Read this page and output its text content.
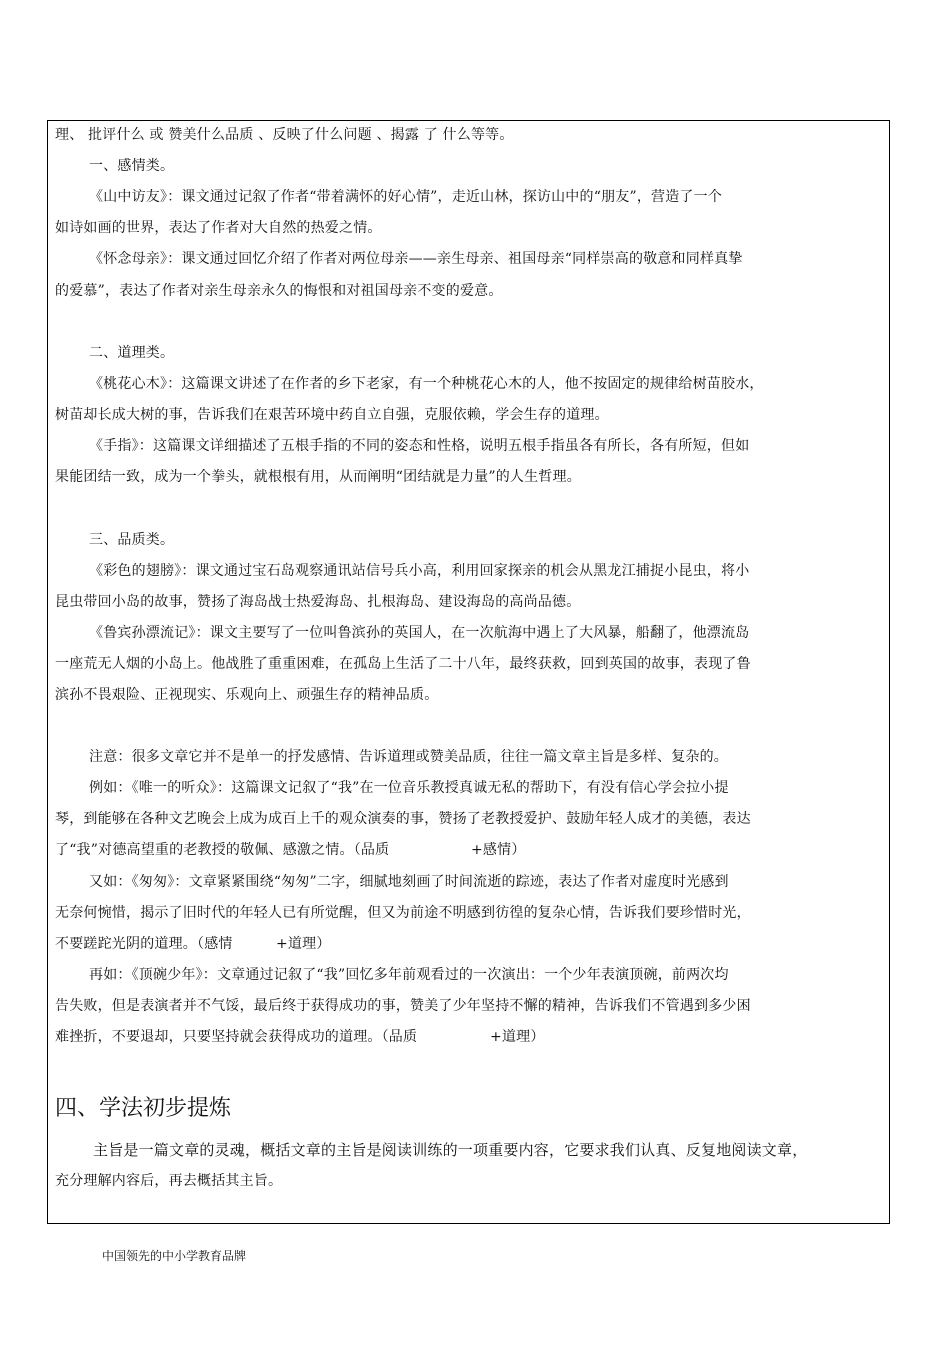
理、 批评什么 或 赞美什么品质 、反映了什么问题 、揭露 了 什么等等。
一、感情类。
《山中访友》：课文通过记叙了作者“带着满怀的好心情”，走近山林，探访山中的“朋友”，营造了一个
如诗如画的世界，表达了作者对大自然的热爱之情。
《怀念母亲》：课文通过回忆介绍了作者对两位母亲——亲生母亲、祖国母亲“同样崇高的敬意和同样真挚
的爱慕”，表达了作者对亲生母亲永久的悔恨和对祖国母亲不变的爱意。
二、道理类。
《桃花心木》：这篇课文讲述了在作者的乡下老家，有一个种桃花心木的人，他不按固定的规律给树苗胶水，
树苗却长成大树的事，告诉我们在艰苦环境中药自立自强，克服依赖，学会生存的道理。
《手指》：这篇课文详细描述了五根手指的不同的姿态和性格，说明五根手指虽各有所长，各有所短，但如
果能团结一致，成为一个拳头，就根根有用，从而阐明“团结就是力量”的人生哲理。
三、品质类。
《彩色的翅膀》：课文通过宝石岛观察通讯站信号兵小高，利用回家探亲的机会从黑龙江捕捉小昆虫，将小
昆虫带回小岛的故事，赞扬了海岛战士热爱海岛、扎根海岛、建设海岛的高尚品德。
《鲁宾孙漂流记》：课文主要写了一位叫鲁滨孙的英国人，在一次航海中遇上了大风暴，船翻了，他漂流岛
一座荒无人烟的小岛上。他战胜了重重困难，在孤岛上生活了二十八年，最终获救，回到英国的故事，表现了鲁
滨孙不畏艰险、正视现实、乐观向上、顽强生存的精神品质。
注意：很多文章它并不是单一的抒发感情、告诉道理或赞美品质，往往一篇文章主旨是多样、复杂的。
例如：《唯一的听众》：这篇课文记叙了“我”在一位音乐教授真诚无私的帮助下，有没有信心学会拉小提
琴，到能够在各种文艺晚会上成为成百上千的观众演奏的事，赞扬了老教授爱护、鼓励年轻人成才的美德，表达
了“我”对德高望重的老教授的敬佩、感激之情。（品质	+感情）
又如：《匆匆》：文章紧紧围绕“匆匆”二字，细腻地刻画了时间流逝的踪迹，表达了作者对虚度时光感到
无奈何惋惜，揭示了旧时代的年轻人已有所觉醒，但又为前途不明感到彷徨的复杂心情，告诉我们要珍惜时光，
不要蹉跎光阴的道理。（感情	+道理）
再如：《顶碗少年》：文章通过记叙了“我”回忆多年前观看过的一次演出：一个少年表演顶碗，前两次均
告失败，但是表演者并不气馁，最后终于获得成功的事，赞美了少年坚持不懈的精神，告诉我们不管遇到多少困
难挫折，不要退却，只要坚持就会获得成功的道理。（品质	+道理）
四、学法初步提炼
主旨是一篇文章的灵魂，概括文章的主旨是阅读训练的一项重要内容，它要求我们认真、反复地阅读文章，
充分理解内容后，再去概括其主旨。
中国领先的中小学教育品牌
